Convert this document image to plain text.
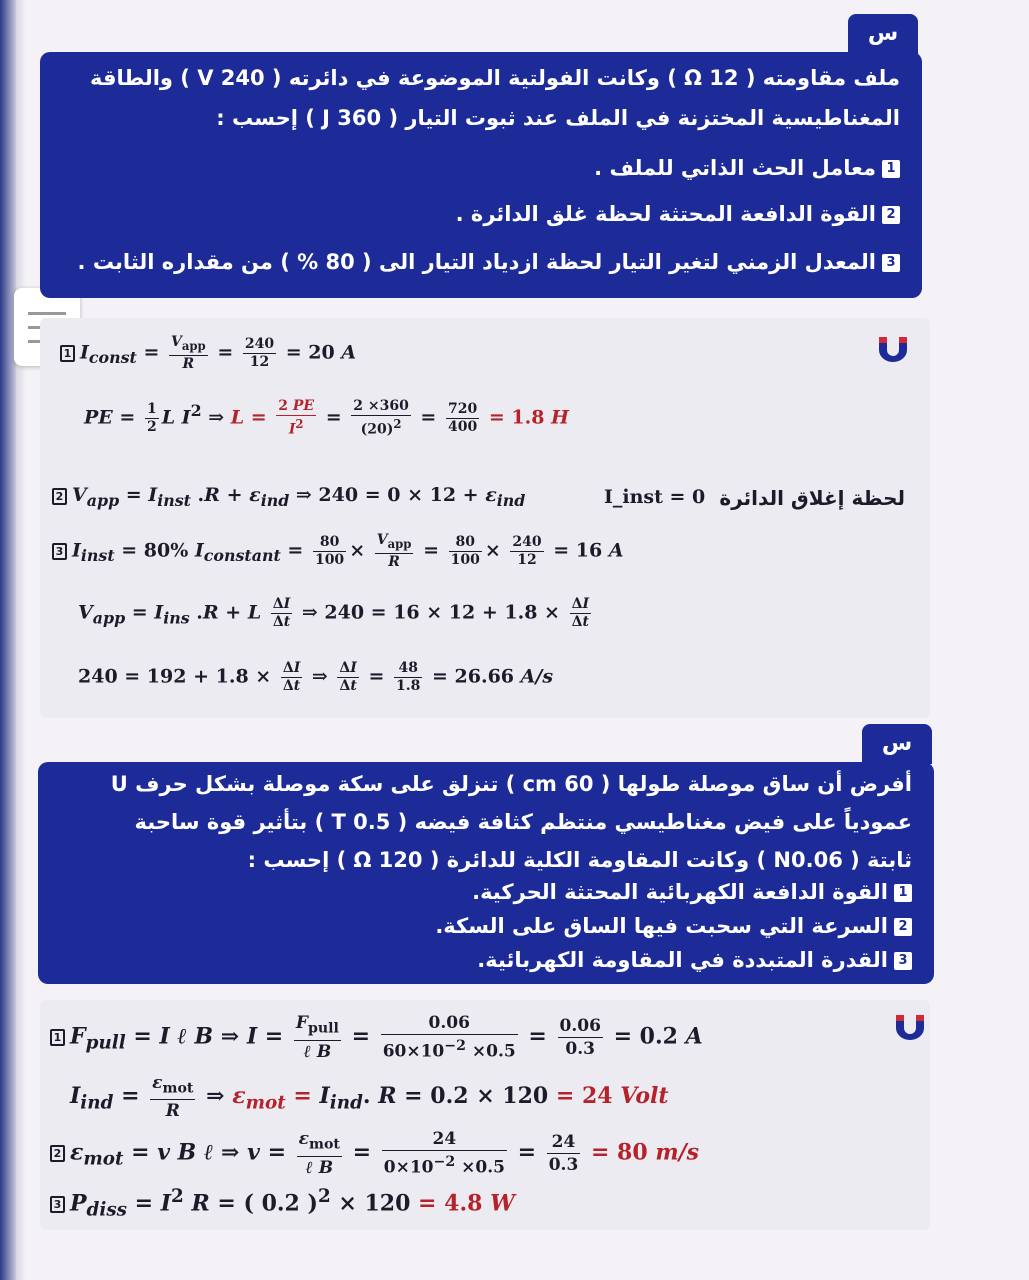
س
ملف مقاومته ( 12 Ω ) وكانت الفولتية الموضوعة في دائرته ( 240 V ) والطاقة
المغناطيسية المختزنة في الملف عند ثبوت التيار ( 360 J ) إحسب :
1معامل الحث الذاتي للملف .
2القوة الدافعة المحتثة لحظة غلق الدائرة .
3المعدل الزمني لتغير التيار لحظة ازدياد التيار الى ( 80 % ) من مقداره الثابت .
1 $I_{const} = \frac{V_{app}}{R} = \frac{240}{12} = 20$ A
PE = $\frac{1}{2}$ L $I^2$ ⇒ $L = \frac{2 PE}{I^2} = \frac{2 \times 360}{(20)^2} = \frac{720}{400} = 1.8$ H
2 $V_{app} = I_{inst}$ $.R + \varepsilon_{ind}$ ⇒ $240 = 0 \times 12 + \varepsilon_{ind}$	I_inst = 0 لحظة إغلاق الدائرة
3 $I_{inst} = 80\%$ $I_{constant} = \frac{80}{100} \times \frac{V_{app}}{R} = \frac{80}{100} \times \frac{240}{12} = 16$ A
$V_{app} = I_{ins}$ .R + L $\frac{\Delta I}{\Delta t}$ ⇒ $240 = 16 \times 12 + 1.8 \times \frac{\Delta I}{\Delta t}$
$240 = 192 + 1.8 \times \frac{\Delta I}{\Delta t}$ ⇒ $\frac{\Delta I}{\Delta t} = \frac{48}{1.8} = 26.66$ A/s
س
أفرض أن ساق موصلة طولها ( 60 cm ) تنزلق على سكة موصلة بشكل حرف U
عمودياً على فيض مغناطيسي منتظم كثافة فيضه ( 0.5 T ) بتأثير قوة ساحبة
ثابتة ( N0.06 ) وكانت المقاومة الكلية للدائرة ( 120 Ω ) إحسب :
1القوة الدافعة الكهربائية المحتثة الحركية.
2السرعة التي سحبت فيها الساق على السكة.
3القدرة المتبددة في المقاومة الكهربائية.
1 $F_{pull} = I$ ℓ B ⇒ $I = \frac{F_{pull}}{\text{ℓ B}} = \frac{0.06}{60\times 10^{-2} \times 0.5} = \frac{0.06}{0.3} = 0.2$ A
$I_{ind} = \frac{\varepsilon_{mot}}{R}$ ⇒ $\varepsilon_{mot} = I_{ind}$. R = 0.2 × 120 = 24 Volt
2 $\varepsilon_{mot} = v$ B ℓ ⇒ $v = \frac{\varepsilon_{mot}}{\text{ℓ B}} = \frac{24}{0\times 10^{-2} \times 0.5} = \frac{24}{0.3} = 80$ m/s
3 $P_{diss} = I^2$ R = ( 0.2 )$^2$ × 120 = 4.8 W
